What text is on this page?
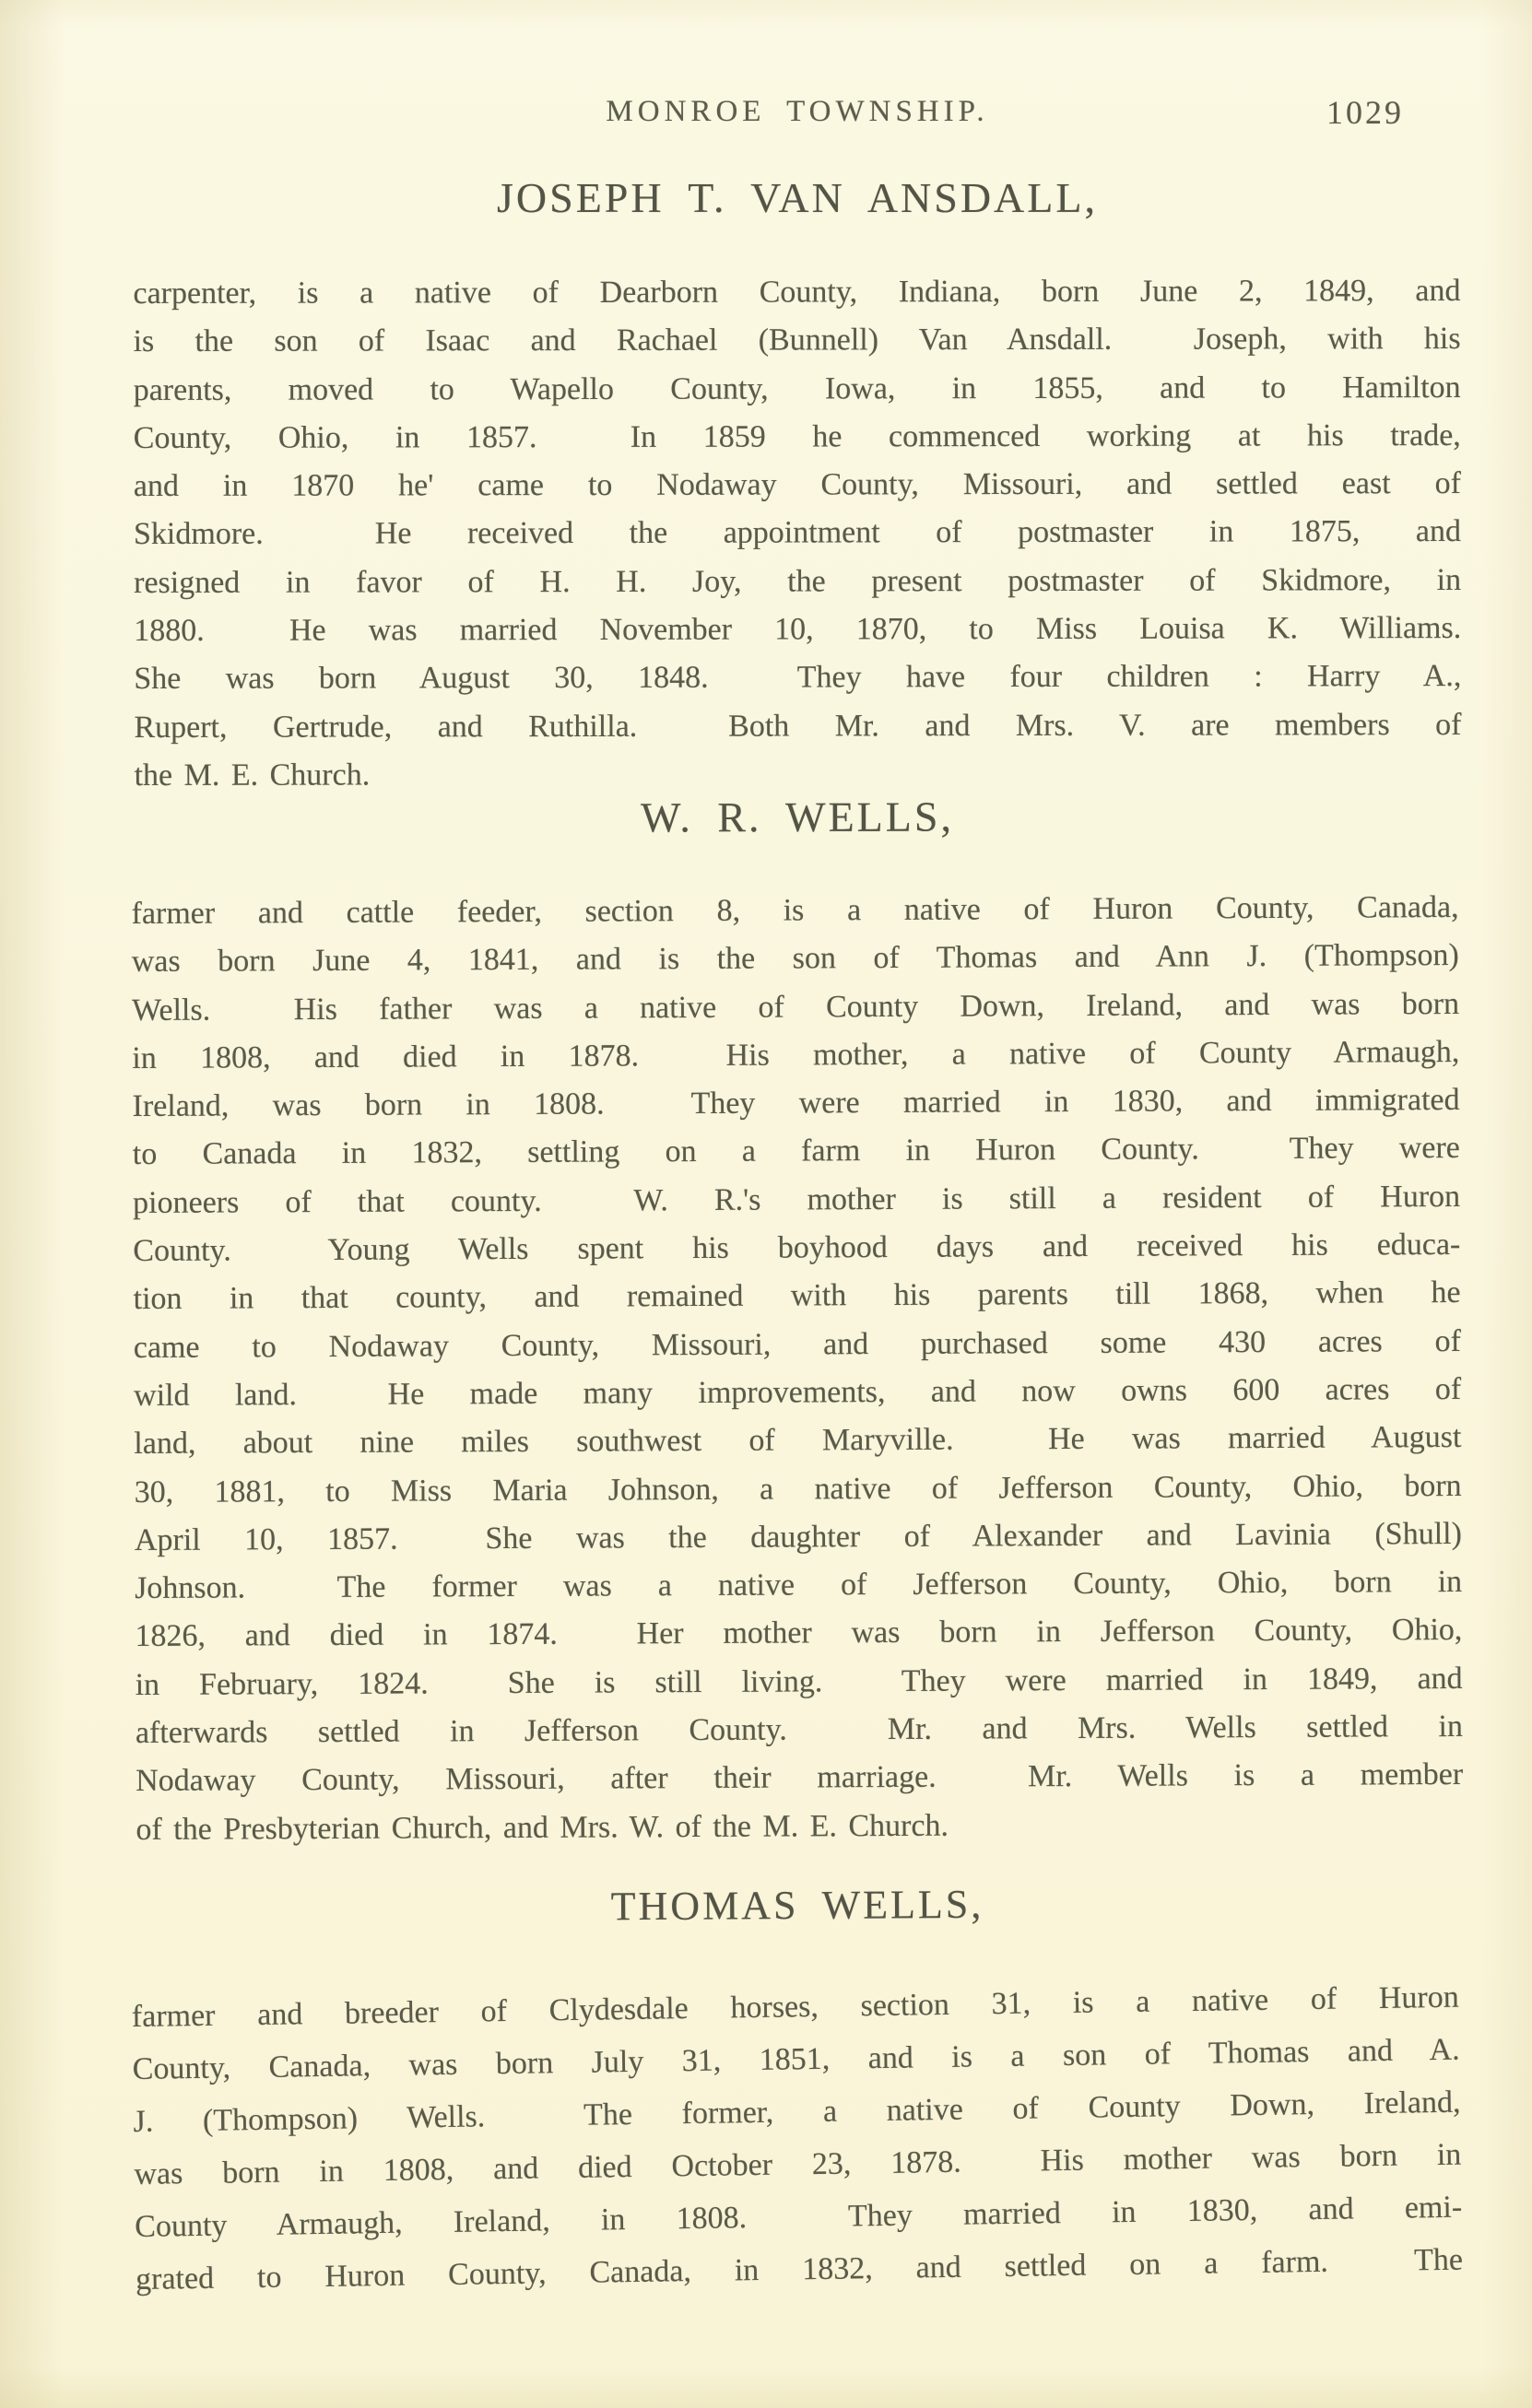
MONROE TOWNSHIP.	1029
JOSEPH T. VAN ANSDALL,
carpenter, is a native of Dearborn County, Indiana, born June 2, 1849, and
is the son of Isaac and Rachael (Bunnell) Van Ansdall.  Joseph, with his
parents, moved to Wapello County, Iowa, in 1855, and to Hamilton
County, Ohio, in 1857.  In 1859 he commenced working at his trade,
and in 1870 he' came to Nodaway County, Missouri, and settled east of
Skidmore.  He received the appointment of postmaster in 1875, and
resigned in favor of H. H. Joy, the present postmaster of Skidmore, in
1880.  He was married November 10, 1870, to Miss Louisa K. Williams.
She was born August 30, 1848.  They have four children : Harry A.,
Rupert, Gertrude, and Ruthilla.  Both Mr. and Mrs. V. are members of
the M. E. Church.
W. R. WELLS,
farmer and cattle feeder, section 8, is a native of Huron County, Canada,
was born June 4, 1841, and is the son of Thomas and Ann J. (Thompson)
Wells.  His father was a native of County Down, Ireland, and was born
in 1808, and died in 1878.  His mother, a native of County Armaugh,
Ireland, was born in 1808.  They were married in 1830, and immigrated
to Canada in 1832, settling on a farm in Huron County.  They were
pioneers of that county.  W. R.'s mother is still a resident of Huron
County.  Young Wells spent his boyhood days and received his educa-
tion in that county, and remained with his parents till 1868, when he
came to Nodaway County, Missouri, and purchased some 430 acres of
wild land.  He made many improvements, and now owns 600 acres of
land, about nine miles southwest of Maryville.  He was married August
30, 1881, to Miss Maria Johnson, a native of Jefferson County, Ohio, born
April 10, 1857.  She was the daughter of Alexander and Lavinia (Shull)
Johnson.  The former was a native of Jefferson County, Ohio, born in
1826, and died in 1874.  Her mother was born in Jefferson County, Ohio,
in February, 1824.  She is still living.  They were married in 1849, and
afterwards settled in Jefferson County.  Mr. and Mrs. Wells settled in
Nodaway County, Missouri, after their marriage.  Mr. Wells is a member
of the Presbyterian Church, and Mrs. W. of the M. E. Church.
THOMAS WELLS,
farmer and breeder of Clydesdale horses, section 31, is a native of Huron
County, Canada, was born July 31, 1851, and is a son of Thomas and A.
J. (Thompson) Wells.  The former, a native of County Down, Ireland,
was born in 1808, and died October 23, 1878.  His mother was born in
County Armaugh, Ireland, in 1808.  They married in 1830, and emi-
grated to Huron County, Canada, in 1832, and settled on a farm.  The
